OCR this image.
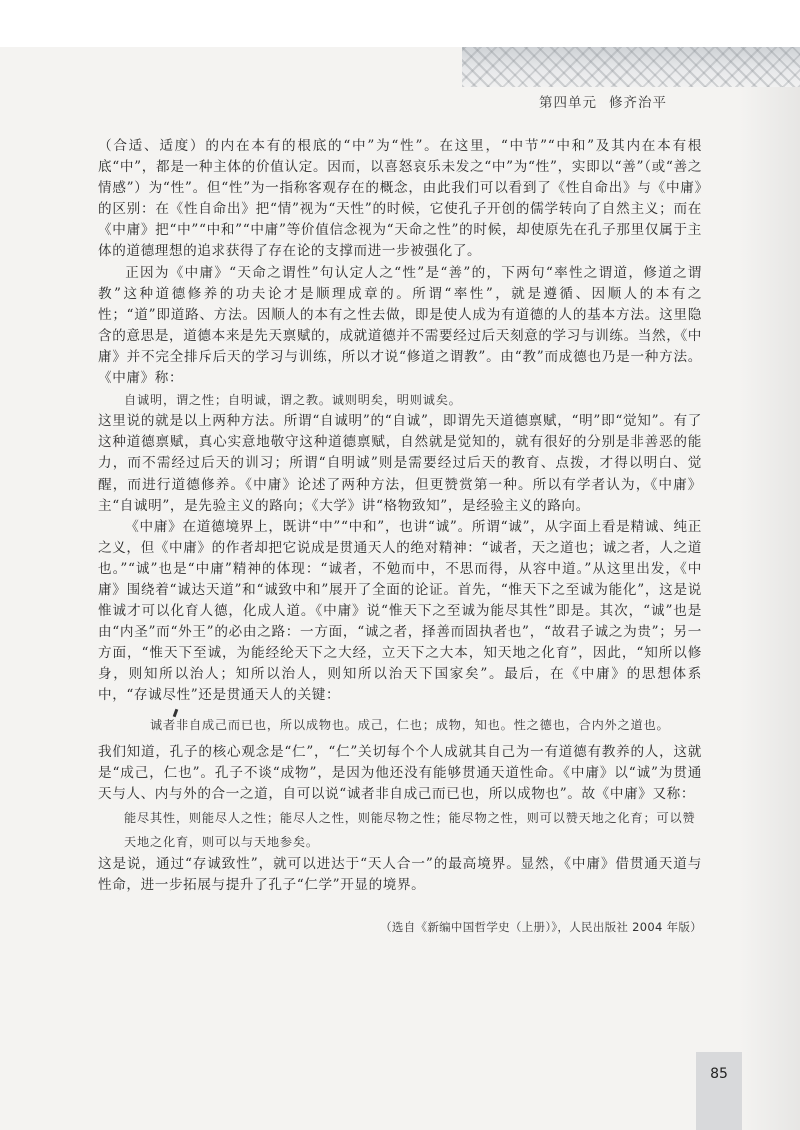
第四单元 修齐治平

（合适、适度）的内在本有的根底的“中”为“性”。在这里，“中节”“中和”及其内在本有根底“中”，都是一种主体的价值认定。因而，以喜怒哀乐未发之“中”为“性”，实即以“善”（或“善之情感”）为“性”。但“性”为一指称客观存在的概念，由此我们可以看到了《性自命出》与《中庸》的区别：在《性自命出》把“情”视为“天性”的时候，它使孔子开创的儒学转向了自然主义；而在《中庸》把“中”“中和”“中庸”等价值信念视为“天命之性”的时候，却使原先在孔子那里仅属于主体的道德理想的追求获得了存在论的支撑而进一步被强化了。

正因为《中庸》“天命之谓性”句认定人之“性”是“善”的，下两句“率性之谓道，修道之谓教”这种道德修养的功夫论才是顺理成章的。所谓“率性”，就是遵循、因顺人的本有之性；“道”即道路、方法。因顺人的本有之性去做，即是使人成为有道德的人的基本方法。这里隐含的意思是，道德本来是先天禀赋的，成就道德并不需要经过后天刻意的学习与训练。当然，《中庸》并不完全排斥后天的学习与训练，所以才说“修道之谓教”。由“教”而成德也乃是一种方法。《中庸》称：

自诚明，谓之性；自明诚，谓之教。诚则明矣，明则诚矣。

这里说的就是以上两种方法。所谓“自诚明”的“自诚”，即谓先天道德禀赋，“明”即“觉知”。有了这种道德禀赋，真心实意地敬守这种道德禀赋，自然就是觉知的，就有很好的分别是非善恶的能力，而不需经过后天的训习；所谓“自明诚”则是需要经过后天的教育、点拨，才得以明白、觉醒，而进行道德修养。《中庸》论述了两种方法，但更赞赏第一种。所以有学者认为，《中庸》主“自诚明”，是先验主义的路向；《大学》讲“格物致知”，是经验主义的路向。

《中庸》在道德境界上，既讲“中”“中和”，也讲“诚”。所谓“诚”，从字面上看是精诚、纯正之义，但《中庸》的作者却把它说成是贯通天人的绝对精神：“诚者，天之道也；诚之者，人之道也。”“诚”也是“中庸”精神的体现：“诚者，不勉而中，不思而得，从容中道。”从这里出发，《中庸》围绕着“诚达天道”和“诚致中和”展开了全面的论证。首先，“惟天下之至诚为能化”，这是说惟诚才可以化育人德，化成人道。《中庸》说“惟天下之至诚为能尽其性”即是。其次，“诚”也是由“内圣”而“外王”的必由之路：一方面，“诚之者，择善而固执者也”，“故君子诚之为贵”；另一方面，“惟天下至诚，为能经纶天下之大经，立天下之大本，知天地之化育”，因此，“知所以修身，则知所以治人；知所以治人，则知所以治天下国家矣”。最后，在《中庸》的思想体系中，“存诚尽性”还是贯通天人的关键：

诚者非自成己而已也，所以成物也。成己，仁也；成物，知也。性之德也，合内外之道也。

我们知道，孔子的核心观念是“仁”，“仁”关切每个个人成就其自己为一有道德有教养的人，这就是“成己，仁也”。孔子不谈“成物”，是因为他还没有能够贯通天道性命。《中庸》以“诚”为贯通天与人、内与外的合一之道，自可以说“诚者非自成己而已也，所以成物也”。故《中庸》又称：

能尽其性，则能尽人之性；能尽人之性，则能尽物之性；能尽物之性，则可以赞天地之化育；可以赞天地之化育，则可以与天地参矣。

这是说，通过“存诚致性”，就可以进达于“天人合一”的最高境界。显然，《中庸》借贯通天道与性命，进一步拓展与提升了孔子“仁学”开显的境界。

（选自《新编中国哲学史（上册）》，人民出版社 2004 年版）
85
